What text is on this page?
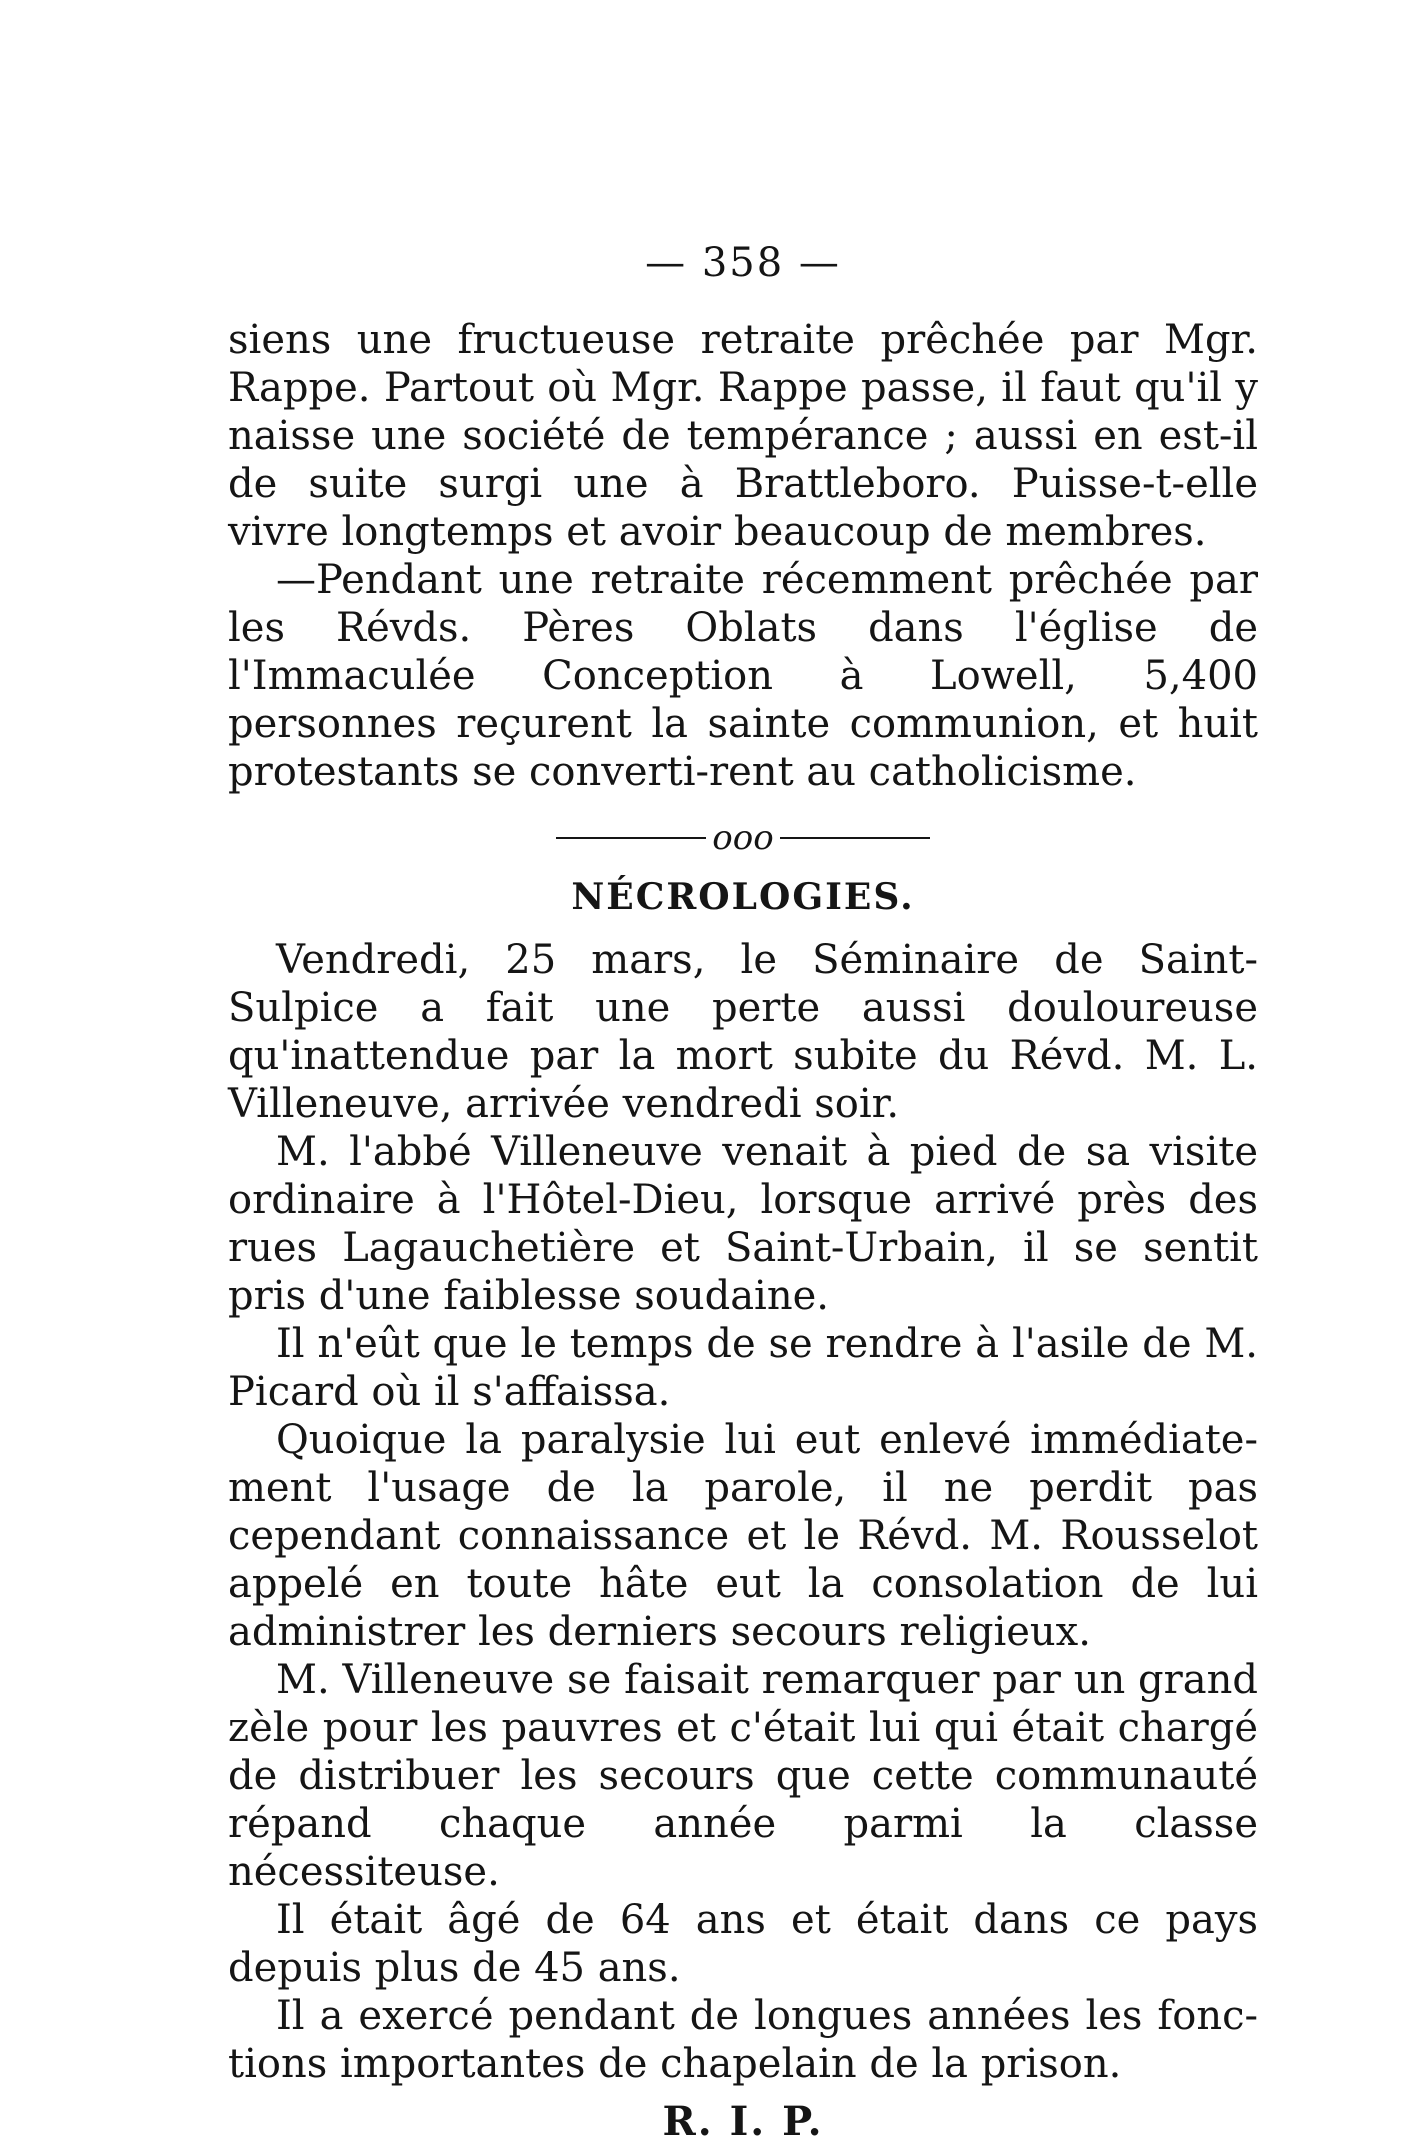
— 358 —

siens une fructueuse retraite prêchée par Mgr. Rappe. Partout où Mgr. Rappe passe, il faut qu'il y naisse une société de tempérance ; aussi en est-il de suite surgi une à Brattleboro. Puisse-t-elle vivre longtemps et avoir beaucoup de membres.

—Pendant une retraite récemment prêchée par les Révds. Pères Oblats dans l'église de l'Immaculée Conception à Lowell, 5,400 personnes reçurent la sainte communion, et huit protestants se converti-rent au catholicisme.

ooo
NÉCROLOGIES.

Vendredi, 25 mars, le Séminaire de Saint-Sulpice a fait une perte aussi douloureuse qu'inattendue par la mort subite du Révd. M. L. Villeneuve, arrivée vendredi soir.

M. l'abbé Villeneuve venait à pied de sa visite ordinaire à l'Hôtel-Dieu, lorsque arrivé près des rues Lagauchetière et Saint-Urbain, il se sentit pris d'une faiblesse soudaine.

Il n'eût que le temps de se rendre à l'asile de M. Picard où il s'affaissa.

Quoique la paralysie lui eut enlevé immédiate-ment l'usage de la parole, il ne perdit pas cependant connaissance et le Révd. M. Rousselot appelé en toute hâte eut la consolation de lui administrer les derniers secours religieux.

M. Villeneuve se faisait remarquer par un grand zèle pour les pauvres et c'était lui qui était chargé de distribuer les secours que cette communauté répand chaque année parmi la classe nécessiteuse.

Il était âgé de 64 ans et était dans ce pays depuis plus de 45 ans.

Il a exercé pendant de longues années les fonc-tions importantes de chapelain de la prison.

R. I. P.
